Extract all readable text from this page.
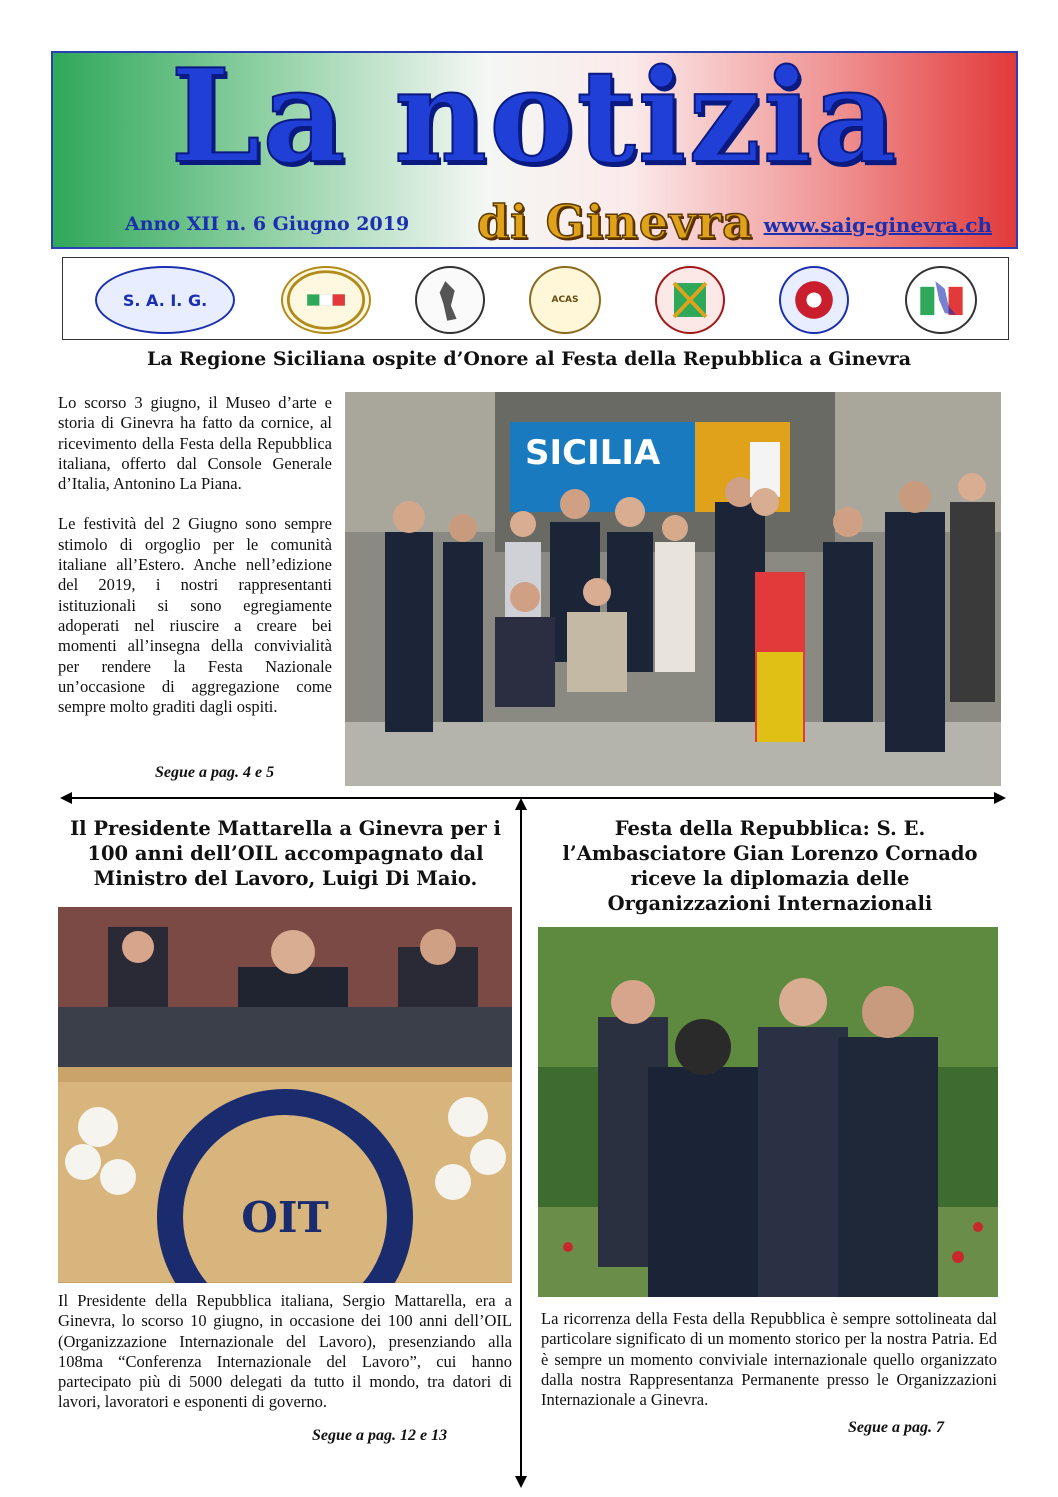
La notizia
Anno XII n. 6 Giugno 2019 di Ginevra www.saig-ginevra.ch
S. A. I. G.	ACAS
La Regione Siciliana ospite d’Onore al Festa della Repubblica a Ginevra

Lo scorso 3 giugno, il Museo d’arte e storia di Ginevra ha fatto da cornice, al ricevimento della Festa della Repubblica italiana, offerto dal Console Generale d’Italia, Antonino La Piana.

Le festività del 2 Giugno sono sempre stimolo di orgoglio per le comunità italiane all’Estero. Anche nell’edizione del 2019, i nostri rappresentanti istituzionali si sono egregiamente adoperati nel riuscire a creare bei momenti all’insegna della convivialità per rendere la Festa Nazionale un’occasione di aggregazione come sempre molto graditi dagli ospiti.

Segue a pag. 4 e 5
SICILIA
Il Presidente Mattarella a Ginevra per i 100 anni dell’OIL accompagnato dal Ministro del Lavoro, Luigi Di Maio.
OIT
Il Presidente della Repubblica italiana, Sergio Mattarella, era a Ginevra, lo scorso 10 giugno, in occasione dei 100 anni dell’OIL (Organizzazione Internazionale del Lavoro), presenziando alla 108ma “Conferenza Internazionale del Lavoro”, cui hanno partecipato più di 5000 delegati da tutto il mondo, tra datori di lavori, lavoratori e esponenti di governo.
Segue a pag. 12 e 13
Festa della Repubblica: S. E. l’Ambasciatore Gian Lorenzo Cornado riceve la diplomazia delle Organizzazioni Internazionali
La ricorrenza della Festa della Repubblica è sempre sottolineata dal particolare significato di un momento storico per la nostra Patria. Ed è sempre un momento conviviale internazionale quello organizzato dalla nostra Rappresentanza Permanente presso le Organizzazioni Internazionale a Ginevra.
Segue a pag. 7
